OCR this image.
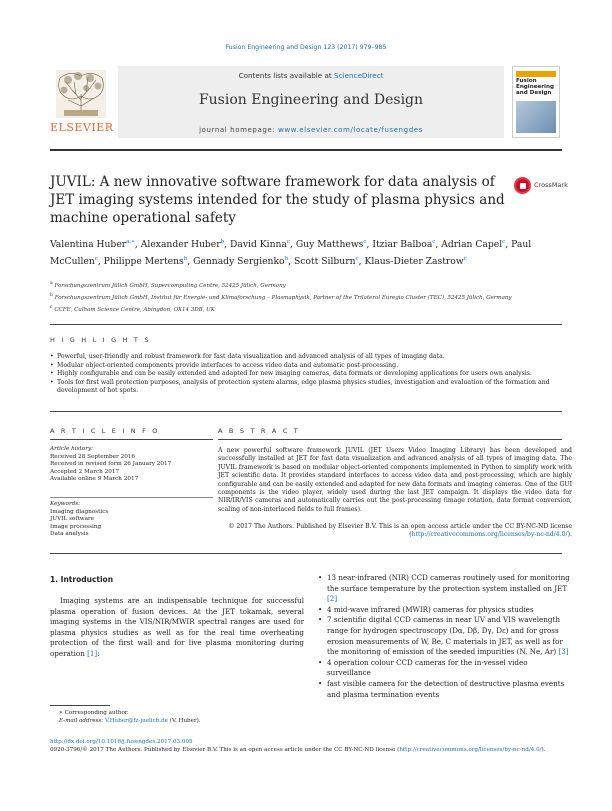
Fusion Engineering and Design 123 (2017) 979–985
ELSEVIER
Contents lists available at ScienceDirect
Fusion Engineering and Design
journal homepage: www.elsevier.com/locate/fusengdes
Fusion Engineering and Design
JUVIL: A new innovative software framework for data analysis of JET imaging systems intended for the study of plasma physics and machine operational safety
CrossMark
Valentina Huber$^{a,∗}$, Alexander Huber$^b$, David Kinna$^c$, Guy Matthews$^c$, Itziar Balboa$^c$, Adrian Capel$^c$, Paul McCullen$^c$, Philippe Mertens$^b$, Gennady Sergienko$^b$, Scott Silburn$^c$, Klaus-Dieter Zastrow$^c$
$^a$ Forschungszentrum Jülich GmbH, Supercomputing Centre, 52425 Jülich, Germany
$^b$ Forschungszentrum Jülich GmbH, Institut für Energie- und Klimaforschung – Plasmaphysik, Partner of the Trilateral Euregio Cluster (TEC), 52425 Jülich, Germany
$^c$ CCFE, Culham Science Centre, Abingdon, OX14 3DB, UK
H I G H L I G H T S
• Powerful, user-friendly and robust framework for fast data visualization and advanced analysis of all types of imaging data.
• Modular object-oriented components provide interfaces to access video data and automatic post-processing.
• Highly configurable and can be easily extended and adapted for new imaging cameras, data formats or developing applications for users own analysis.
• Tools for first wall protection purposes, analysis of protection system alarms, edge plasma physics studies, investigation and evaluation of the formation and development of hot spots.
A R T I C L E I N F O	A B S T R A C T
Article history:
Received 28 September 2016
Received in revised form 26 January 2017
Accepted 2 March 2017
Available online 9 March 2017
Keywords:
Imaging diagnostics
JUVIL software
Image processing
Data analysis
A new powerful software framework JUVIL (JET Users Video Imaging Library) has been developed and successfully installed at JET for fast data visualization and advanced analysis of all types of imaging data. The JUVIL framework is based on modular object-oriented components implemented in Python to simplify work with JET scientific data. It provides standard interfaces to access video data and post-processing, which are highly configurable and can be easily extended and adapted for new data formats and imaging cameras. One of the GUI components is the video player, widely used during the last JET campaign. It displays the video data for NIR/IR/VIS cameras and automatically carries out the post-processing (image rotation, data format conversion, scaling of non-interlaced fields to full frames).
© 2017 The Authors. Published by Elsevier B.V. This is an open access article under the CC BY-NC-ND license (http://creativecommons.org/licenses/by-nc-nd/4.0/).
1. Introduction
Imaging systems are an indispensable technique for successful plasma operation of fusion devices. At the JET tokamak, several imaging systems in the VIS/NIR/MWIR spectral ranges are used for plasma physics studies as well as for the real time overheating protection of the first wall and for live plasma monitoring during operation [1]:
• 13 near-infrared (NIR) CCD cameras routinely used for monitoring the surface temperature by the protection system installed on JET [2]
• 4 mid-wave infrared (MWIR) cameras for physics studies
• 7 scientific digital CCD cameras in near UV and VIS wavelength range for hydrogen spectroscopy (Dα, Dβ, Dγ, Dε) and for gross erosion measurements of W, Be, C materials in JET, as well as for the monitoring of emission of the seeded impurities (N, Ne, Ar) [3]
• 4 operation colour CCD cameras for the in-vessel video surveillance
• fast visible camera for the detection of destructive plasma events and plasma termination events
∗ Corresponding author.
E-mail address: V.Huber@fz-juelich.de (V. Huber).
http://dx.doi.org/10.1016/j.fusengdes.2017.03.005
0920-3796/© 2017 The Authors. Published by Elsevier B.V. This is an open access article under the CC BY-NC-ND license (http://creativecommons.org/licenses/by-nc-nd/4.0/).
